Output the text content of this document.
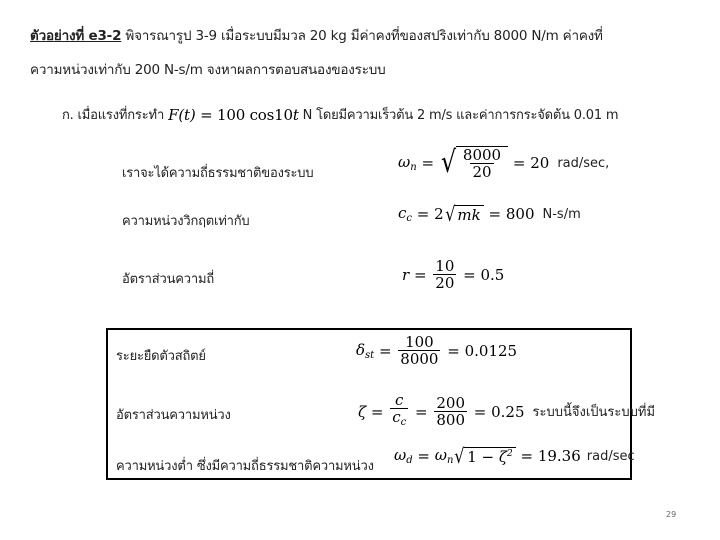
ตัวอย่างที่ e3-2 พิจารณารูป 3-9 เมื่อระบบมีมวล 20 kg มีค่าคงที่ของสปริงเท่ากับ 8000 N/m ค่าคงที่
ความหน่วงเท่ากับ 200 N-s/m จงหาผลการตอบสนองของระบบ
ก. เมื่อแรงที่กระทำ F(t) = 100 cos10t N โดยมีความเร็วต้น 2 m/s และค่าการกระจัดต้น 0.01 m
เราจะได้ความถี่ธรรมชาติของระบบ
$\omega_n$ = √ $\frac{8000}{20} = 20$ rad/sec,
ความหน่วงวิกฤตเท่ากับ	$c_c = 2$ √ mk = 800 N-s/m
อัตราส่วนความถี่	$r = \frac{10}{20} = 0.5$
ระยะยืดตัวสถิตย์	$\delta_{st} = \frac{100}{8000} = 0.0125$
อัตราส่วนความหน่วง	$\zeta = \frac{c}{c_c} = \frac{200}{800} = 0.25$ ระบบนี้จึงเป็นระบบที่มี
ความหน่วงต่ำ ซึ่งมีความถี่ธรรมชาติความหน่วง
$\omega_d = \omega_n$ √ $1 - \zeta^2 = 19.36$ rad/sec
29
